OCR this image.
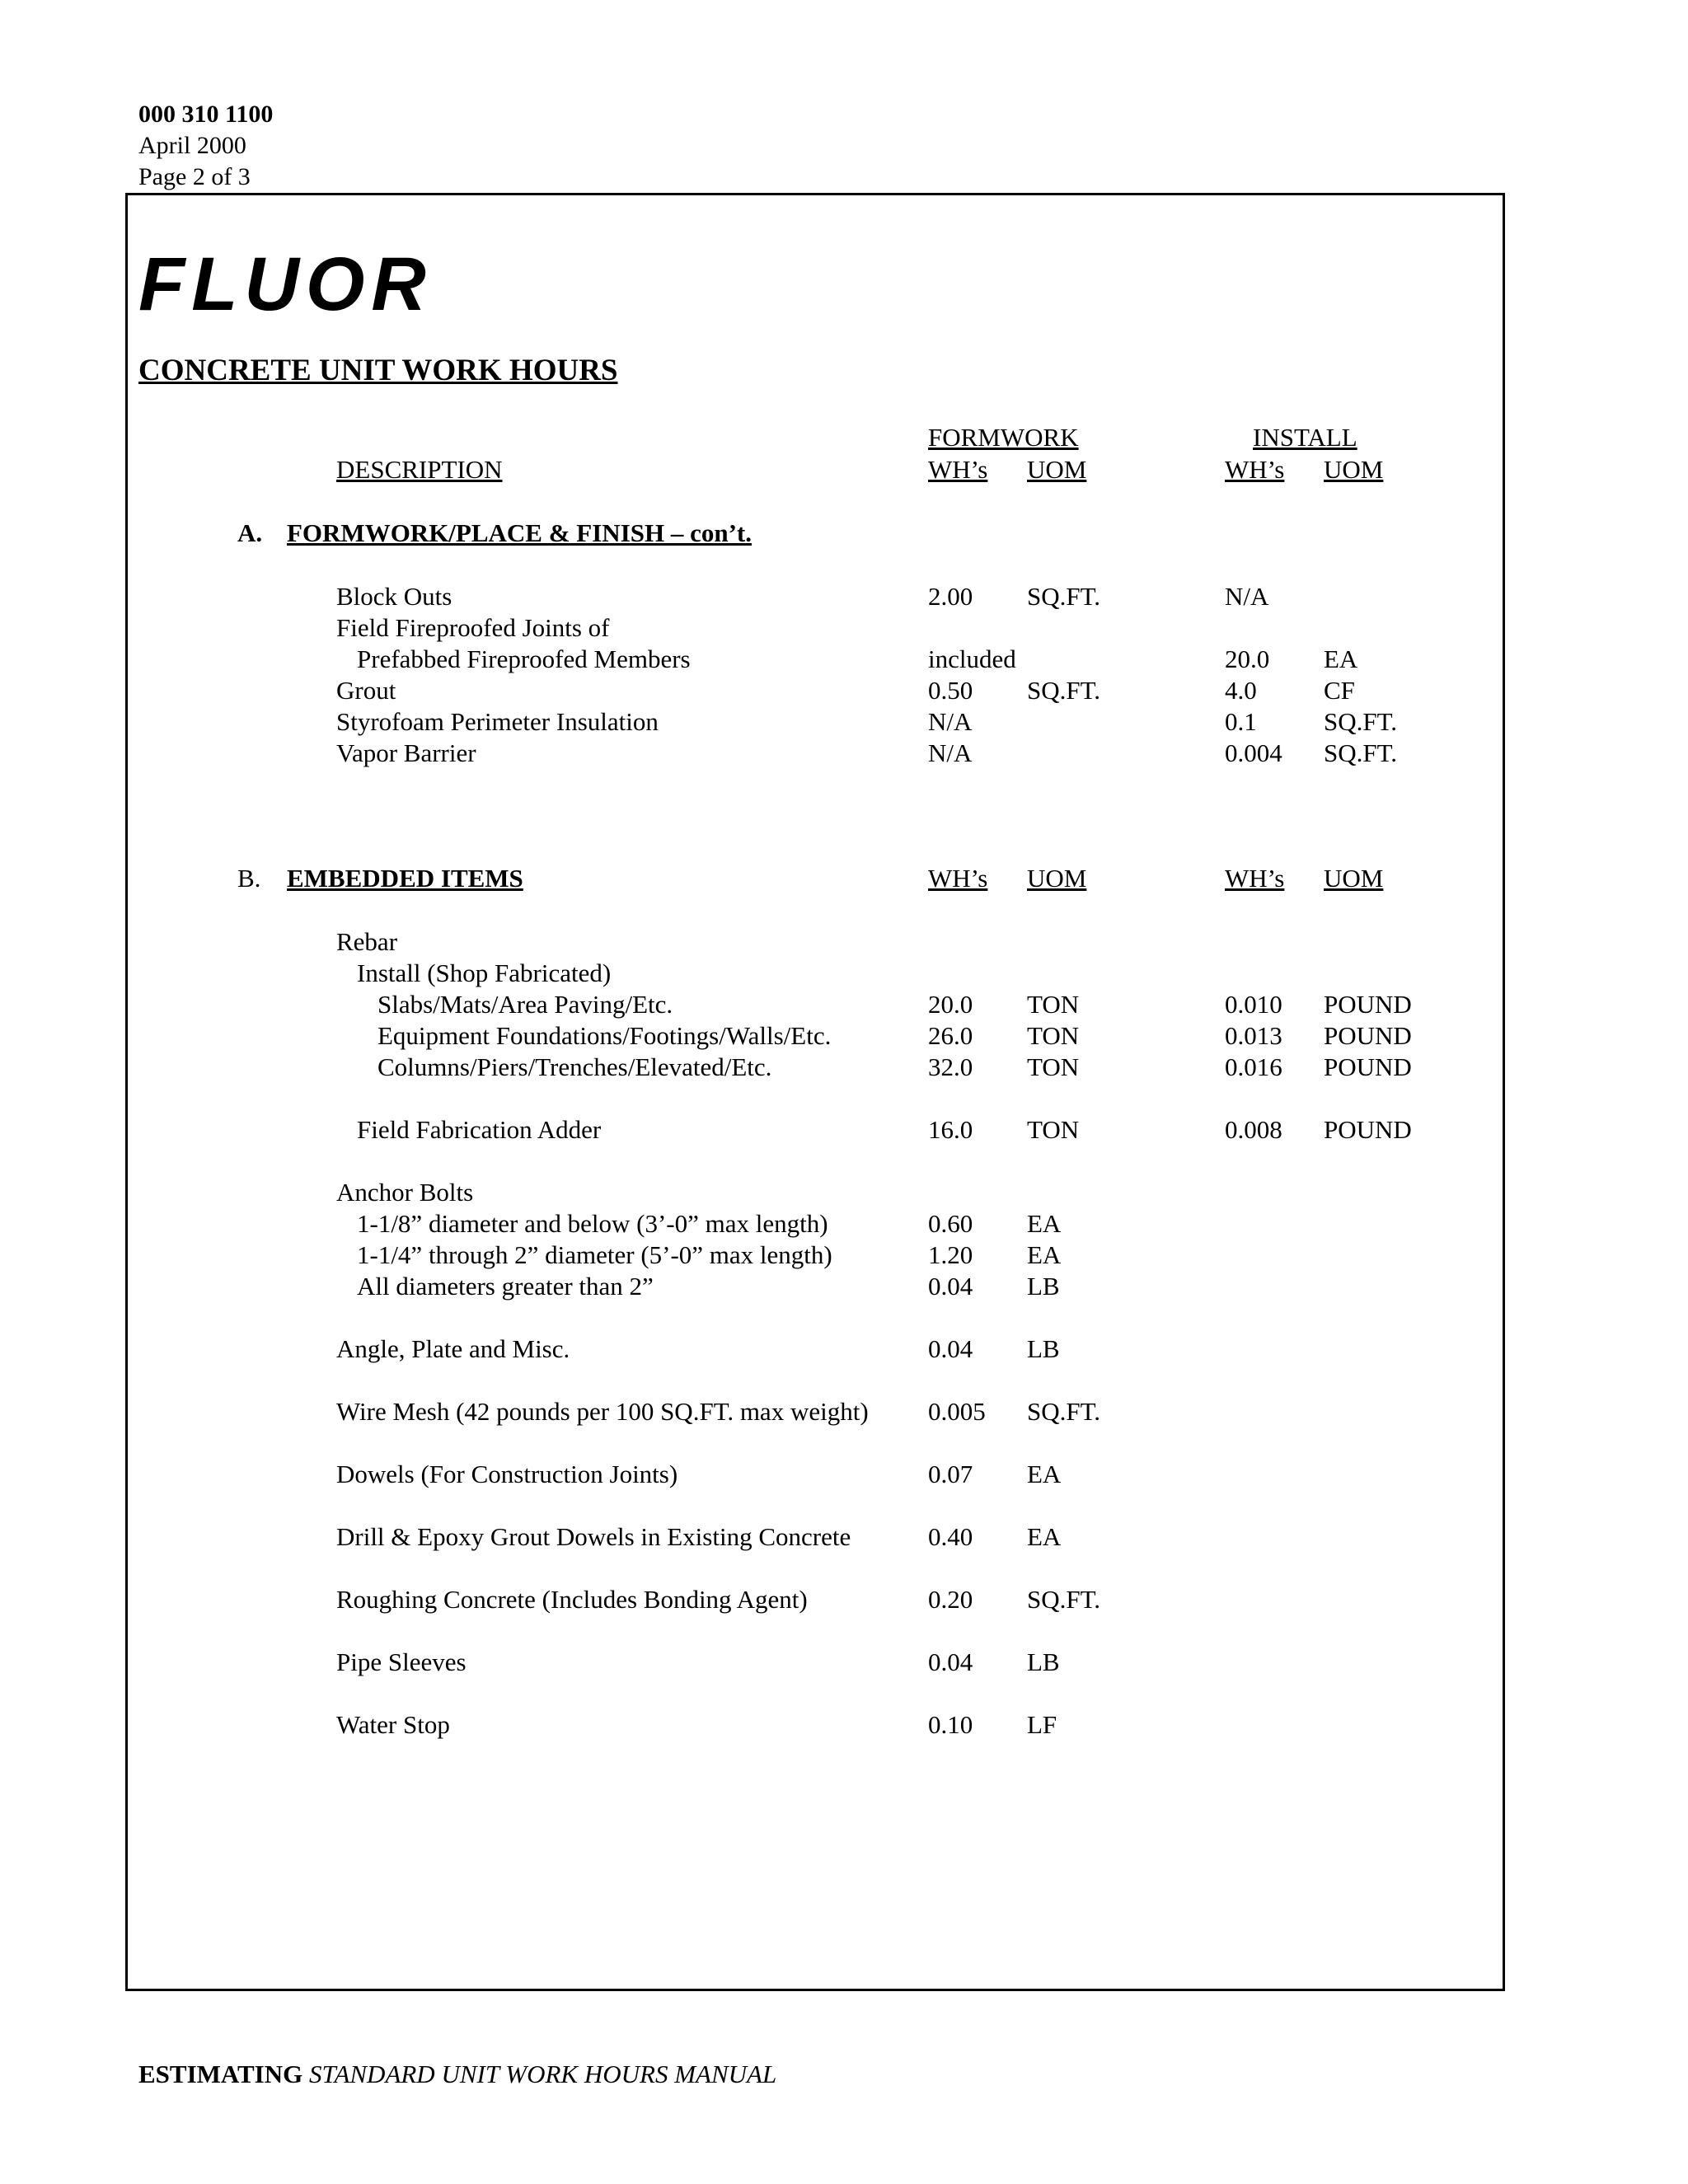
000 310 1100
April 2000
Page 2 of 3
FLUOR
CONCRETE UNIT WORK HOURS
FORMWORK	INSTALL
DESCRIPTION	WH’s UOM	WH’s UOM
A. FORMWORK/PLACE & FINISH – con’t.
Block Outs	2.00 SQ.FT.	N/A
Field Fireproofed Joints of
Prefabbed Fireproofed Members	included	20.0 EA
Grout	0.50 SQ.FT.	4.0	CF
Styrofoam Perimeter Insulation	N/A	0.1	SQ.FT.
Vapor Barrier	N/A	0.004 SQ.FT.
B. EMBEDDED ITEMS	WH’s UOM	WH’s UOM
Rebar
Install (Shop Fabricated)
Slabs/Mats/Area Paving/Etc.	20.0 TON	0.010 POUND
Equipment Foundations/Footings/Walls/Etc.	26.0 TON	0.013 POUND
Columns/Piers/Trenches/Elevated/Etc.	32.0 TON	0.016 POUND
Field Fabrication Adder	16.0 TON	0.008 POUND
Anchor Bolts
1-1/8” diameter and below (3’-0” max length)	0.60 EA
1-1/4” through 2” diameter (5’-0” max length)	1.20 EA
All diameters greater than 2”	0.04 LB
Angle, Plate and Misc.	0.04 LB
Wire Mesh (42 pounds per 100 SQ.FT. max weight) 0.005 SQ.FT.
Dowels (For Construction Joints)	0.07 EA
Drill & Epoxy Grout Dowels in Existing Concrete	0.40 EA
Roughing Concrete (Includes Bonding Agent)	0.20 SQ.FT.
Pipe Sleeves	0.04 LB
Water Stop	0.10 LF
ESTIMATING STANDARD UNIT WORK HOURS MANUAL
